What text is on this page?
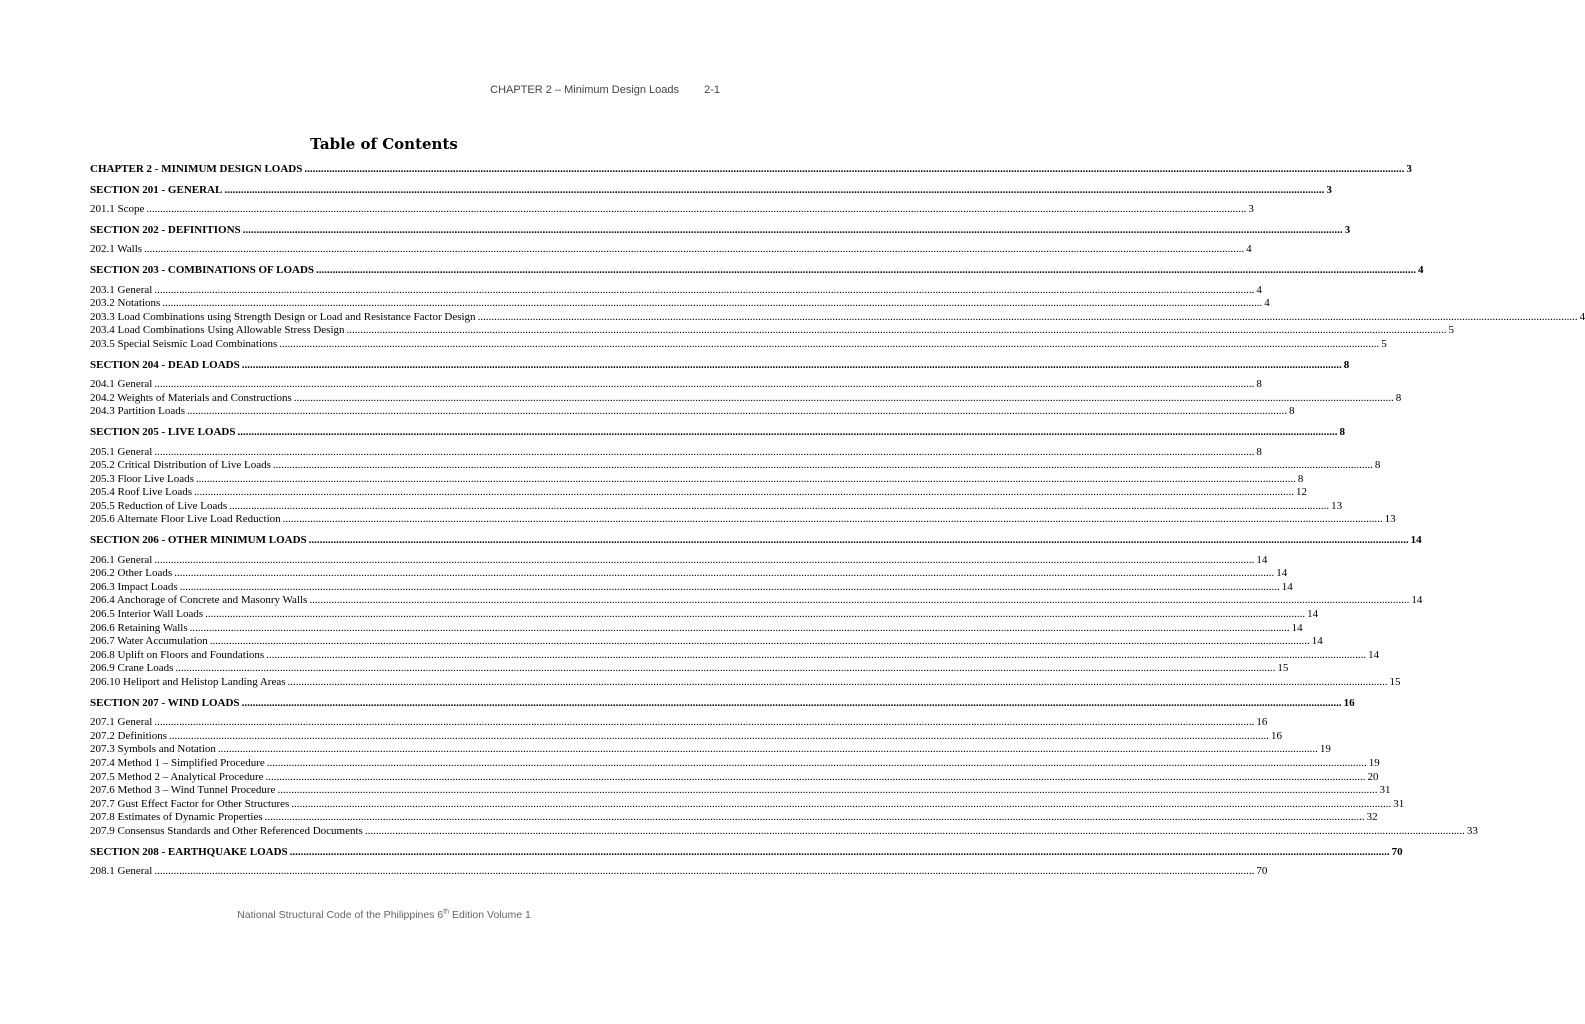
CHAPTER 2 – Minimum Design Loads 2-1
Table of Contents
CHAPTER 2 - MINIMUM DESIGN LOADS ................................................................................................................................................................................................................................................................................................................................................................................................................ 3
SECTION 201 - GENERAL ................................................................................................................................................................................................................................................................................................................................................................................................................ 3
201.1 Scope ................................................................................................................................................................................................................................................................................................................................................................................................................ 3
SECTION 202 - DEFINITIONS ................................................................................................................................................................................................................................................................................................................................................................................................................ 3
202.1 Walls ................................................................................................................................................................................................................................................................................................................................................................................................................ 4
SECTION 203 - COMBINATIONS OF LOADS ................................................................................................................................................................................................................................................................................................................................................................................................................ 4
203.1 General ................................................................................................................................................................................................................................................................................................................................................................................................................ 4
203.2 Notations ................................................................................................................................................................................................................................................................................................................................................................................................................ 4
203.3 Load Combinations using Strength Design or Load and Resistance Factor Design ................................................................................................................................................................................................................................................................................................................................................................................................................ 4
203.4 Load Combinations Using Allowable Stress Design ................................................................................................................................................................................................................................................................................................................................................................................................................ 5
203.5 Special Seismic Load Combinations ................................................................................................................................................................................................................................................................................................................................................................................................................ 5
SECTION 204 - DEAD LOADS ................................................................................................................................................................................................................................................................................................................................................................................................................ 8
204.1 General ................................................................................................................................................................................................................................................................................................................................................................................................................ 8
204.2 Weights of Materials and Constructions ................................................................................................................................................................................................................................................................................................................................................................................................................ 8
204.3 Partition Loads ................................................................................................................................................................................................................................................................................................................................................................................................................ 8
SECTION 205 - LIVE LOADS ................................................................................................................................................................................................................................................................................................................................................................................................................ 8
205.1 General ................................................................................................................................................................................................................................................................................................................................................................................................................ 8
205.2 Critical Distribution of Live Loads ................................................................................................................................................................................................................................................................................................................................................................................................................ 8
205.3 Floor Live Loads ................................................................................................................................................................................................................................................................................................................................................................................................................ 8
205.4 Roof Live Loads ................................................................................................................................................................................................................................................................................................................................................................................................................ 12
205.5 Reduction of Live Loads ................................................................................................................................................................................................................................................................................................................................................................................................................ 13
205.6 Alternate Floor Live Load Reduction ................................................................................................................................................................................................................................................................................................................................................................................................................ 13
SECTION 206 - OTHER MINIMUM LOADS ................................................................................................................................................................................................................................................................................................................................................................................................................ 14
206.1 General ................................................................................................................................................................................................................................................................................................................................................................................................................ 14
206.2 Other Loads ................................................................................................................................................................................................................................................................................................................................................................................................................ 14
206.3 Impact Loads ................................................................................................................................................................................................................................................................................................................................................................................................................ 14
206.4 Anchorage of Concrete and Masonry Walls ................................................................................................................................................................................................................................................................................................................................................................................................................ 14
206.5 Interior Wall Loads ................................................................................................................................................................................................................................................................................................................................................................................................................ 14
206.6 Retaining Walls ................................................................................................................................................................................................................................................................................................................................................................................................................ 14
206.7 Water Accumulation ................................................................................................................................................................................................................................................................................................................................................................................................................ 14
206.8 Uplift on Floors and Foundations ................................................................................................................................................................................................................................................................................................................................................................................................................ 14
206.9 Crane Loads ................................................................................................................................................................................................................................................................................................................................................................................................................ 15
206.10 Heliport and Helistop Landing Areas ................................................................................................................................................................................................................................................................................................................................................................................................................ 15
SECTION 207 - WIND LOADS ................................................................................................................................................................................................................................................................................................................................................................................................................ 16
207.1 General ................................................................................................................................................................................................................................................................................................................................................................................................................ 16
207.2 Definitions ................................................................................................................................................................................................................................................................................................................................................................................................................ 16
207.3 Symbols and Notation ................................................................................................................................................................................................................................................................................................................................................................................................................ 19
207.4 Method 1 – Simplified Procedure ................................................................................................................................................................................................................................................................................................................................................................................................................ 19
207.5 Method 2 – Analytical Procedure ................................................................................................................................................................................................................................................................................................................................................................................................................ 20
207.6 Method 3 – Wind Tunnel Procedure ................................................................................................................................................................................................................................................................................................................................................................................................................ 31
207.7 Gust Effect Factor for Other Structures ................................................................................................................................................................................................................................................................................................................................................................................................................ 31
207.8 Estimates of Dynamic Properties ................................................................................................................................................................................................................................................................................................................................................................................................................ 32
207.9 Consensus Standards and Other Referenced Documents ................................................................................................................................................................................................................................................................................................................................................................................................................ 33
SECTION 208 - EARTHQUAKE LOADS ................................................................................................................................................................................................................................................................................................................................................................................................................ 70
208.1 General ................................................................................................................................................................................................................................................................................................................................................................................................................ 70
National Structural Code of the Philippines 6th Edition Volume 1
